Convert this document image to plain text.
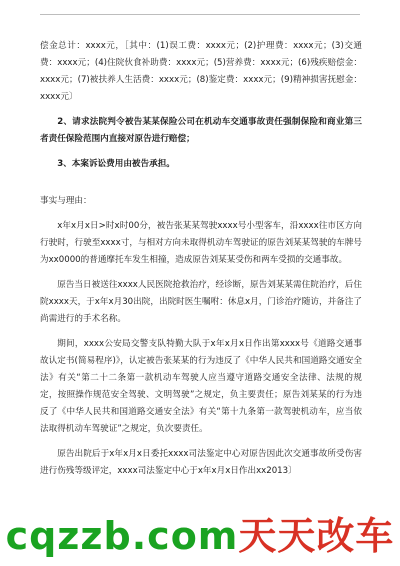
偿金总计：xxxx元，［其中：(1)误工费：xxxx元；(2)护理费：xxxx元；(3)交通费：xxxx元；(4)住院伙食补助费：xxxx元；(5)营养费：xxxx元；(6)残疾赔偿金：xxxx元；(7)被扶养人生活费：xxxx元；(8)鉴定费：xxxx元；(9)精神损害抚慰金：xxxx元〕

2、请求法院判令被告某某保险公司在机动车交通事故责任强制保险和商业第三者责任保险范围内直接对原告进行赔偿；

3、本案诉讼费用由被告承担。

事实与理由：

x年x月x日>时x时00分，被告张某某驾驶xxxx号小型客车，沿xxxx往市区方向行驶时，行驶至xxxx寸，与相对方向未取得机动车驾驶证的原告刘某某驾驶的车牌号为xx0000的普通摩托车发生相撞，造成原告刘某某受伤和两车受损的交通事故。

原告当日被送往xxxx人民医院抢救治疗，经诊断，原告刘某某需住院治疗，后住院xxxx天，于x年x月30出院，出院时医生嘱咐：休息x月，门诊治疗随访，并备注了尚需进行的手术名称。

期间，xxxx公安局交警支队特勤大队于x年x月x日作出第xxxx号《道路交通事故认定书(简易程序)》，认定被告张某某的行为违反了《中华人民共和国道路交通安全法》有关“第二十二条第一款机动车驾驶人应当遵守道路交通安全法律、法规的规定，按照操作规范安全驾驶、文明驾驶”之规定，负主要责任；原告刘某某的行为违反了《中华人民共和国道路交通安全法》有关“第十九条第一款驾驶机动车，应当依法取得机动车驾驶证”之规定，负次要责任。

原告出院后于x年x月x日委托xxxx司法鉴定中心对原告因此次交通事故所受伤害进行伤残等级评定，xxxx司法鉴定中心于x年x月x日作出xx2013〕

cqzzb.com天天改车
